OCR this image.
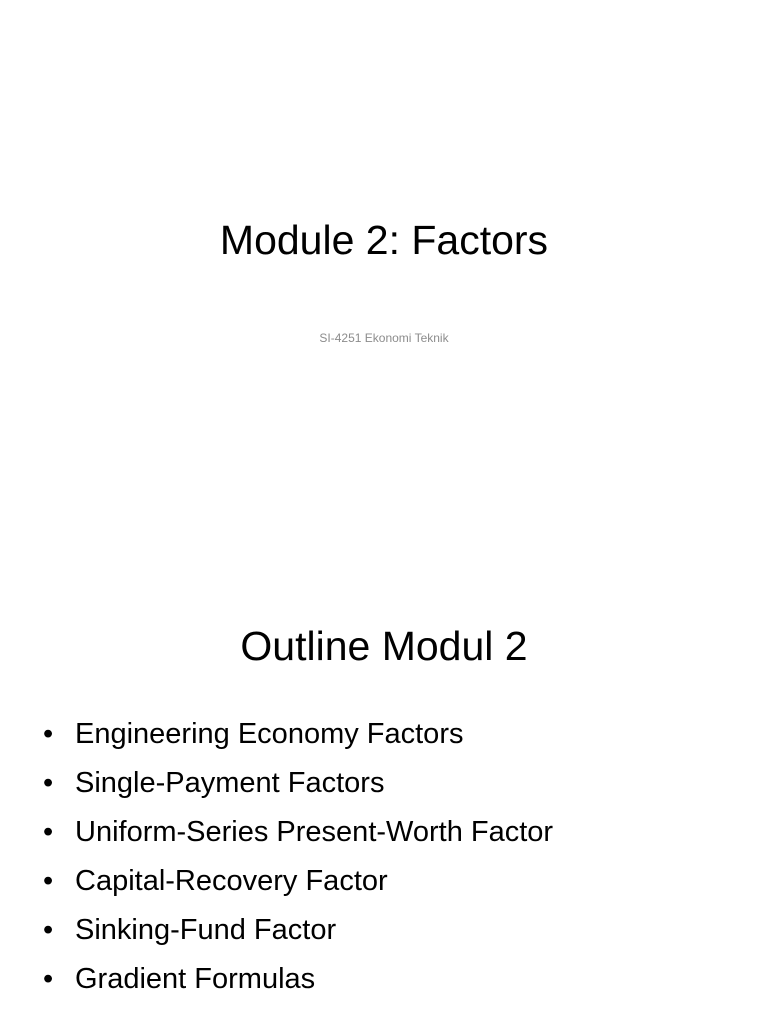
Module 2: Factors
SI-4251 Ekonomi Teknik
Outline Modul 2
• Engineering Economy Factors
• Single-Payment Factors
• Uniform-Series Present-Worth Factor
• Capital-Recovery Factor
• Sinking-Fund Factor
• Gradient Formulas
